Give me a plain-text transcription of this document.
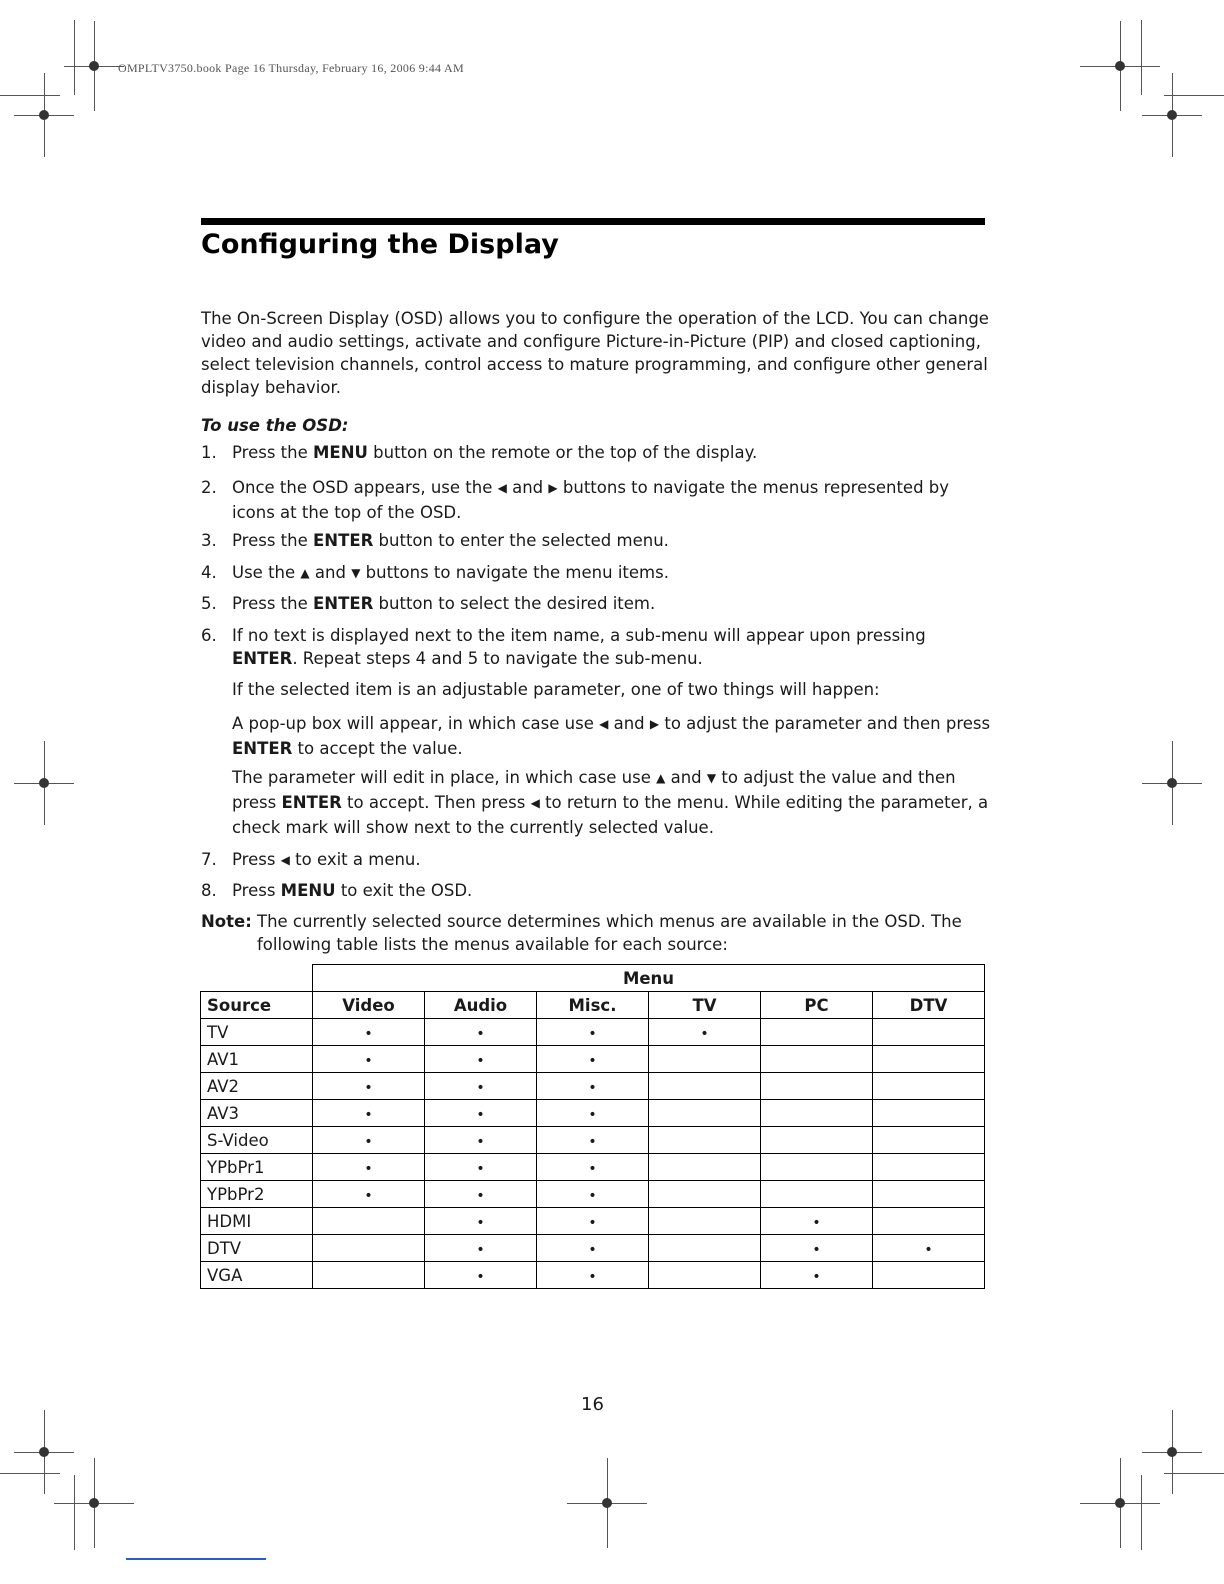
OMPLTV3750.book Page 16 Thursday, February 16, 2006 9:44 AM
Configuring the Display
The On-Screen Display (OSD) allows you to configure the operation of the LCD. You can change video and audio settings, activate and configure Picture-in-Picture (PIP) and closed captioning, select television channels, control access to mature programming, and configure other general display behavior.
To use the OSD:
1. Press the MENU button on the remote or the top of the display.
2. Once the OSD appears, use the ◀ and ▶ buttons to navigate the menus represented by icons at the top of the OSD.
3. Press the ENTER button to enter the selected menu.
4. Use the ▲ and ▼ buttons to navigate the menu items.
5. Press the ENTER button to select the desired item.
6. If no text is displayed next to the item name, a sub-menu will appear upon pressing ENTER. Repeat steps 4 and 5 to navigate the sub-menu.
If the selected item is an adjustable parameter, one of two things will happen:
A pop-up box will appear, in which case use ◀ and ▶ to adjust the parameter and then press ENTER to accept the value.
The parameter will edit in place, in which case use ▲ and ▼ to adjust the value and then press ENTER to accept. Then press ◀ to return to the menu. While editing the parameter, a check mark will show next to the currently selected value.
7. Press ◀ to exit a menu.
8. Press MENU to exit the OSD.
Note: The currently selected source determines which menus are available in the OSD. The following table lists the menus available for each source:
	Menu					
Source	Video	Audio	Misc.	TV	PC	DTV
TV	•	•	•	•		
AV1	•	•	•			
AV2	•	•	•			
AV3	•	•	•			
S-Video	•	•	•			
YPbPr1	•	•	•			
YPbPr2	•	•	•			
HDMI		•	•		•	
DTV		•	•		•	•
VGA		•	•		•	
16
